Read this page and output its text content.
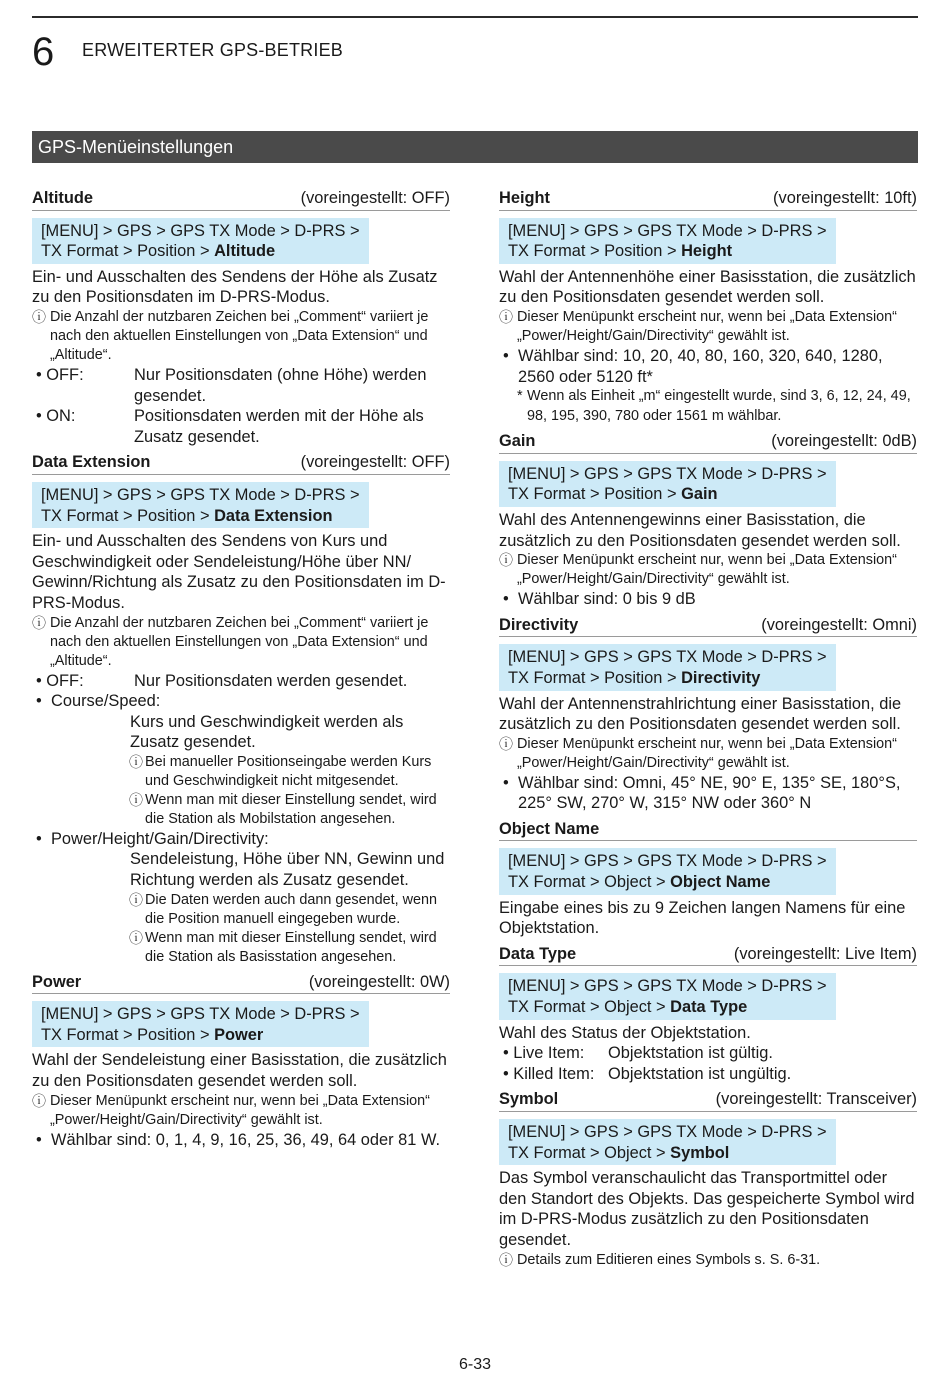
6 ERWEITERTER GPS-BETRIEB
GPS-Menüeinstellungen
Altitude	(voreingestellt: OFF)
[MENU] > GPS > GPS TX Mode > D-PRS >
TX Format > Position > Altitude

Ein- und Ausschalten des Sendens der Höhe als Zusatz zu den Positionsdaten im D-PRS-Modus.

ⓘ Die Anzahl der nutzbaren Zeichen bei „Comment“ variiert je nach den aktuellen Einstellungen von „Data Extension“ und „Altitude“.
• OFF:	Nur Positionsdaten (ohne Höhe) werden gesendet.
• ON:	Positionsdaten werden mit der Höhe als Zusatz gesendet.
Data Extension	(voreingestellt: OFF)
[MENU] > GPS > GPS TX Mode > D-PRS >
TX Format > Position > Data Extension

Ein- und Ausschalten des Sendens von Kurs und Geschwindigkeit oder Sendeleistung/Höhe über NN/ Gewinn/Richtung als Zusatz zu den Positionsdaten im D-PRS-Modus.

ⓘ Die Anzahl der nutzbaren Zeichen bei „Comment“ variiert je nach den aktuellen Einstellungen von „Data Extension“ und „Altitude“.
• OFF:	Nur Positionsdaten werden gesendet.
• Course/Speed:
Kurs und Geschwindigkeit werden als Zusatz gesendet.
ⓘ Bei manueller Positionseingabe werden Kurs und Geschwindigkeit nicht mitgesendet.
ⓘ Wenn man mit dieser Einstellung sendet, wird die Station als Mobilstation angesehen.
• Power/Height/Gain/Directivity:
Sendeleistung, Höhe über NN, Gewinn und Richtung werden als Zusatz gesendet.
ⓘ Die Daten werden auch dann gesendet, wenn die Position manuell eingegeben wurde.
ⓘ Wenn man mit dieser Einstellung sendet, wird die Station als Basisstation angesehen.
Power	(voreingestellt: 0W)
[MENU] > GPS > GPS TX Mode > D-PRS >
TX Format > Position > Power

Wahl der Sendeleistung einer Basisstation, die zusätzlich zu den Positionsdaten gesendet werden soll.

ⓘ Dieser Menüpunkt erscheint nur, wenn bei „Data Extension“ „Power/Height/Gain/Directivity“ gewählt ist.
• Wählbar sind: 0, 1, 4, 9, 16, 25, 36, 49, 64 oder 81 W.
Height	(voreingestellt: 10ft)
[MENU] > GPS > GPS TX Mode > D-PRS >
TX Format > Position > Height

Wahl der Antennenhöhe einer Basisstation, die zusätzlich zu den Positionsdaten gesendet werden soll.

ⓘ Dieser Menüpunkt erscheint nur, wenn bei „Data Extension“ „Power/Height/Gain/Directivity“ gewählt ist.
• Wählbar sind: 10, 20, 40, 80, 160, 320, 640, 1280, 2560 oder 5120 ft*
* Wenn als Einheit „m“ eingestellt wurde, sind 3, 6, 12, 24, 49, 98, 195, 390, 780 oder 1561 m wählbar.
Gain	(voreingestellt: 0dB)
[MENU] > GPS > GPS TX Mode > D-PRS >
TX Format > Position > Gain

Wahl des Antennengewinns einer Basisstation, die zusätzlich zu den Positionsdaten gesendet werden soll.

ⓘ Dieser Menüpunkt erscheint nur, wenn bei „Data Extension“ „Power/Height/Gain/Directivity“ gewählt ist.
• Wählbar sind: 0 bis 9 dB
Directivity	(voreingestellt: Omni)
[MENU] > GPS > GPS TX Mode > D-PRS >
TX Format > Position > Directivity

Wahl der Antennenstrahlrichtung einer Basisstation, die zusätzlich zu den Positionsdaten gesendet werden soll.

ⓘ Dieser Menüpunkt erscheint nur, wenn bei „Data Extension“ „Power/Height/Gain/Directivity“ gewählt ist.
• Wählbar sind: Omni, 45° NE, 90° E, 135° SE, 180°S, 225° SW, 270° W, 315° NW oder 360° N
Object Name
[MENU] > GPS > GPS TX Mode > D-PRS >
TX Format > Object > Object Name

Eingabe eines bis zu 9 Zeichen langen Namens für eine Objektstation.

Data Type	(voreingestellt: Live Item)
[MENU] > GPS > GPS TX Mode > D-PRS >
TX Format > Object > Data Type

Wahl des Status der Objektstation.

• Live Item:	Objektstation ist gültig.
• Killed Item: Objektstation ist ungültig.
Symbol	(voreingestellt: Transceiver)
[MENU] > GPS > GPS TX Mode > D-PRS >
TX Format > Object > Symbol

Das Symbol veranschaulicht das Transportmittel oder den Standort des Objekts. Das gespeicherte Symbol wird im D-PRS-Modus zusätzlich zu den Positionsdaten gesendet.

ⓘ Details zum Editieren eines Symbols s. S. 6-31.
6-33
